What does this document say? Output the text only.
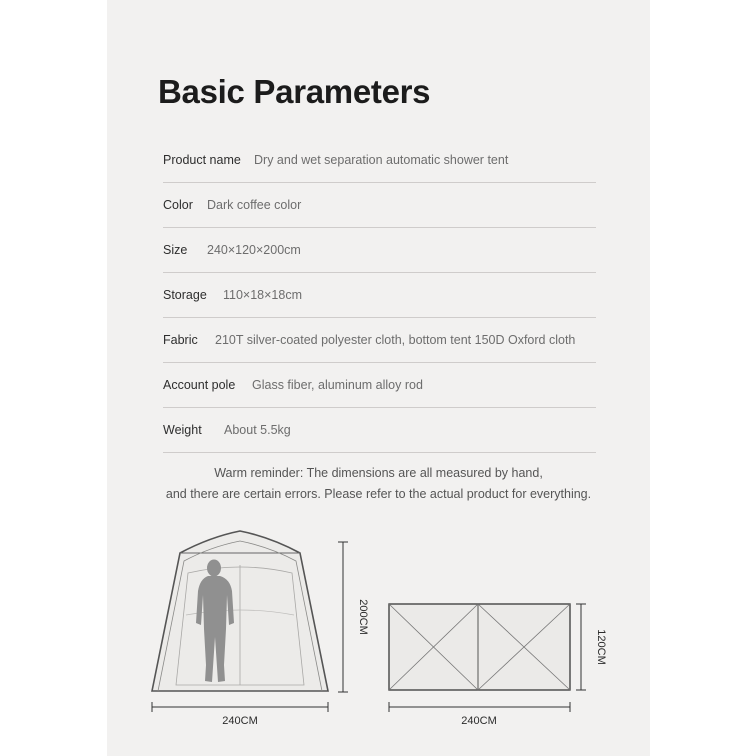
Basic Parameters
Product name Dry and wet separation automatic shower tent
Color Dark coffee color
Size 240×120×200cm
Storage 110×18×18cm
Fabric 210T silver-coated polyester cloth, bottom tent 150D Oxford cloth
Account pole Glass fiber, aluminum alloy rod
Weight About 5.5kg
Warm reminder: The dimensions are all measured by hand,
and there are certain errors. Please refer to the actual product for everything.
240CM
200CM
240CM
120CM
